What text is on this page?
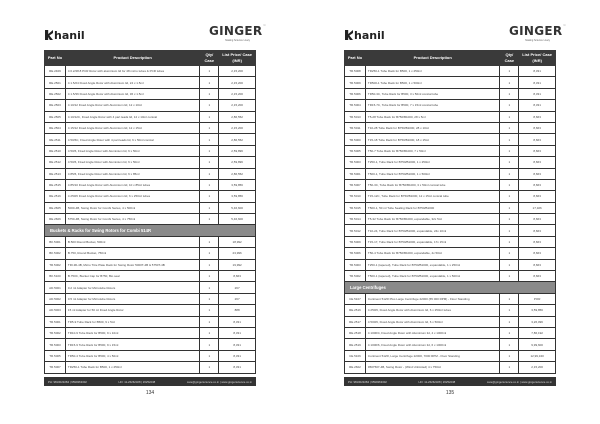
hanil	GINGER™
Making Science Lively
Part No	Product Description	Qty/ Case	List Price/ Case (INR)
RE.2409	4 0.2/48.8 PCR Rotor with aluminium lid for 48 micro tubes & PCR tubes	1	2,15,200
RE.2501	4 1.5/24 Fixed Angle Rotor with Aluminium lid, 24 x 1.5ml	1	2,15,200
RE.2502	4 1.5/36 Fixed Angle Rotor with Aluminium lid, 36 x 1.5ml	1	2,15,200
RE.2503	4 10/12 Fixed Angle Rotor with Aluminium lid, 12 x 10ml	1	2,15,200
RE.2505	4 10/12C, Fixed Angle Rotor with 4 part leads lid, 12 x 10ml conical	1	2,86,552
RE.2504	4 15/12 Fixed Angle Rotor with Aluminium lid, 12 x 15ml	1	2,15,200
RE.2511	4 50/6C, Fixed Angle Rotor with 4 part leads lid, 6 x 50ml conical	1	2,86,552
RE.2510	4 50/6, Fixed Angle Rotor with Aluminium lid, 6 x 50ml	1	2,59,896
RE.2512	4 50/6, Fixed Angle Rotor with Aluminium lid, 6 x 50ml	1	2,59,896
RE.2513	4 85/6, Fixed Angle Rotor with Aluminium lid, 6 x 85ml	1	2,86,552
RE.2515	4 85/10 Fixed Angle Rotor with Aluminium lid, 10 x 85ml tubes	1	3,59,856
RE.2516	4 250/6 Fixed Angle Rotor with Aluminium lid, 6 x 250ml tubes	1	3,59,856
RE.2605	5000-4B, Swing Rotor for Combi Series, 4 x 500ml	1	5,46,600
RE.2606	5750-4B, Swing Rotor for Combi Series, 4 x 750ml	1	5,46,600
Buckets & Racks for Swing Rotors for Combi 514R			
BK.5001	B.500 Round Bucket, 500ml	1	18,992
BK.5002	B.750, Round Bucket, 750ml	1	23,996
TR.5002	TRI-96-4B, Micro Titre Plate Rack for Swing Rotor 5000T-4B & 5750T-4B	1	19,992
BK.5100	B.750C, Bucket Cap for B750, Bio seal	1	8,663
AD.5001	0.2 ml Adapter for Microtube Rotors	1	267
AD.5002	0.5 ml Adapter for Microtube Rotors	1	267
AD.5003	15 ml Adapter for 50 ml Fixed Angle Rotor	1	888
TR.5001	TR5-9 Tube Rack for B500, 9 x 5ml	1	8,331
TR.5002	TR10-9 Tube Rack for B500, 9 x 10ml	1	8,331
TR.5003	TR15-9 Tube Rack for B500, 9 x 15ml	1	8,331
TR.5005	TR50-4 Tube Rack for B500, 4 x 50ml	1	8,331
TR.5007	TR250-1 Tube Rack for B500, 1 x 250ml	1	8,331
PH: 9810023284 | 9599363302	HO: 11-26262328 | 26252238	care@gingerscience.co.in | www.gingerscience.co.in
134
hanil	GINGER™
Making Science Lively
Part No	Product Description	Qty/ Case	List Price/ Case (INR)
TR.5008	TR250-1 Tube Rack for B500, 1 x 250ml	1	8,331
TR.5009	TR500-1 Tube Rack for B500, 1 x 500ml	1	8,331
TR.5006	TR50-3C, Tube Rack for B500, 3 x 50ml conical tube	1	8,331
TR.5004	TR15-7C, Tube Rack for B500, 7 x 15ml conical tube	1	8,331
TR.5013	T5-28 Tube Rack for B750/B1000, 28 x 5ml	1	8,663
TR.5011	T10-28 Tube Rack for B750/B1000, 28 x 10ml	1	8,663
TR.5000	T15-18 Tube Rack for B750/B1000, 18 x 15ml	1	8,663
TR.5005	T50-7 Tube Rack for B750/B1000, 7 x 50ml	1	8,663
TR.5003	T250-1, Tube Rack for B750/B1000, 1 x 250ml	1	8,663
TR.5001	T500-1, Tube Rack for B750/B1000, 1 x 500ml	1	8,663
TR.5007	T50-3C, Tube Rack for B750/B1000, 3 x 50ml conical tube	1	8,663
TR.5010	T15-12C, Tube Rack for B750/B1000, 12 x 15ml conical tube	1	8,663
TR.5015	T500-1, 50 ml Tube Sealing Rack for B750/B1000	1	17,326
TR.5014	T5-32 Tube Rack for B750/B1000, expandable, 32x 5ml	1	8,663
TR.5012	T10-24, Tube Rack for B750/B1000, expandable, 24x 10ml	1	8,663
TR.5009	T15-17, Tube Rack for B750/B1000, expandable, 17x 15ml	1	8,663
TR.5006	T50-4 Tube Rack for B750/B1000, expandable, 4x 50ml	1	8,663
TR.5003	T250-1 (tapered), Tube Rack for B750/B1000, expandable, 1 x 250ml	1	8,663
TR.5002	T500-1 (tapered), Tube Rack for B750/B1000, expandable, 1 x 500ml	1	8,663
Large Centrifuges			
CE.5107	Continent 512R Plus Large Centrifuge 22000 (65 000 RPM) - Floor Standing	1	POR
RE.2516	4 250/6, Fixed Angle Rotor with Aluminium lid, 6 x 250ml tubes	1	3,59,856
RE.2517	4 500/6, Fixed Angle Rotor with Aluminium lid, 6 x 500ml	1	3,26,096
RE.2518	4 1000/4, Fixed Angle Rotor with Aluminium lid, 4 x 1000ml	1	7,86,192
RE.2519	4 1000/6, Fixed Angle Rotor with Aluminium lid, 6 x 1000ml	1	9,99,600
CE.5106	Continent 512R, Large Centrifuge 22000, 7000 RPM - Floor Standing	1	12,99,340
RE.2602	9507507-4B, Swing Rotor - (Wind Unlimited) 4 x 750ml	1	2,15,200
PH: 9810023284 | 9599363302	HO: 11-26262328 | 26252238	care@gingerscience.co.in | www.gingerscience.co.in
135
